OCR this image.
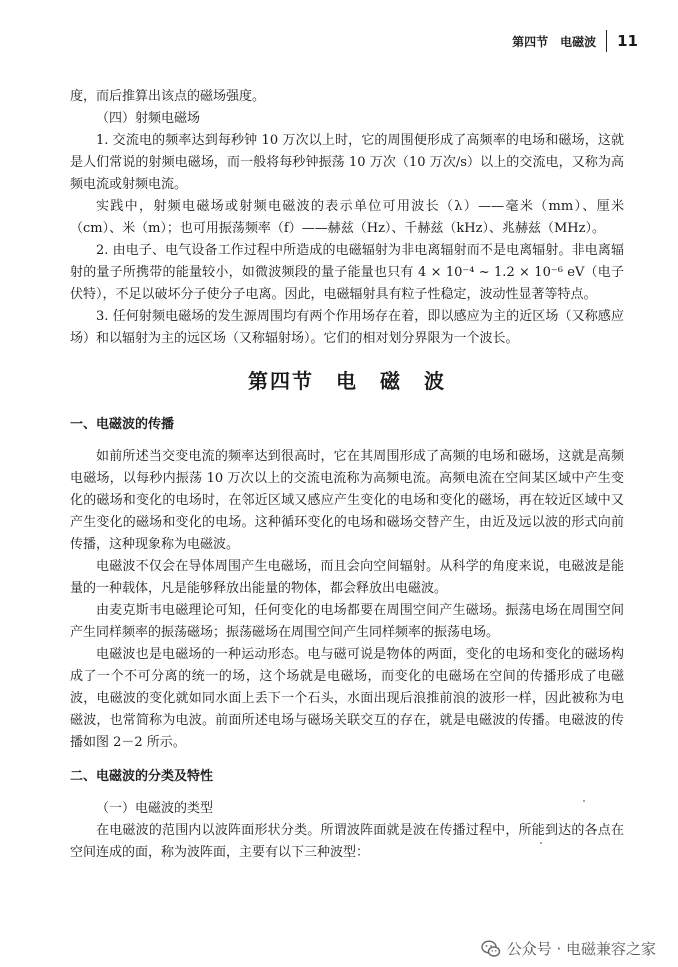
第四节　电磁波 11

度，而后推算出该点的磁场强度。

（四）射频电磁场

1. 交流电的频率达到每秒钟 10 万次以上时，它的周围便形成了高频率的电场和磁场，这就是人们常说的射频电磁场，而一般将每秒钟振荡 10 万次（10 万次/s）以上的交流电，又称为高频电流或射频电流。

实践中，射频电磁场或射频电磁波的表示单位可用波长（λ）——毫米（mm）、厘米（cm）、米（m）；也可用振荡频率（f）——赫兹（Hz）、千赫兹（kHz）、兆赫兹（MHz）。

2. 由电子、电气设备工作过程中所造成的电磁辐射为非电离辐射而不是电离辐射。非电离辐射的量子所携带的能量较小，如微波频段的量子能量也只有 4 × 10⁻⁴ ~ 1.2 × 10⁻⁶ eV（电子伏特），不足以破坏分子使分子电离。因此，电磁辐射具有粒子性稳定，波动性显著等特点。

3. 任何射频电磁场的发生源周围均有两个作用场存在着，即以感应为主的近区场（又称感应场）和以辐射为主的远区场（又称辐射场）。它们的相对划分界限为一个波长。

第四节　电　磁　波
一、电磁波的传播

如前所述当交变电流的频率达到很高时，它在其周围形成了高频的电场和磁场，这就是高频电磁场，以每秒内振荡 10 万次以上的交流电流称为高频电流。高频电流在空间某区域中产生变化的磁场和变化的电场时，在邻近区域又感应产生变化的电场和变化的磁场，再在较近区域中又产生变化的磁场和变化的电场。这种循环变化的电场和磁场交替产生，由近及远以波的形式向前传播，这种现象称为电磁波。

电磁波不仅会在导体周围产生电磁场，而且会向空间辐射。从科学的角度来说，电磁波是能量的一种载体，凡是能够释放出能量的物体，都会释放出电磁波。

由麦克斯韦电磁理论可知，任何变化的电场都要在周围空间产生磁场。振荡电场在周围空间产生同样频率的振荡磁场；振荡磁场在周围空间产生同样频率的振荡电场。

电磁波也是电磁场的一种运动形态。电与磁可说是物体的两面，变化的电场和变化的磁场构成了一个不可分离的统一的场，这个场就是电磁场，而变化的电磁场在空间的传播形成了电磁波，电磁波的变化就如同水面上丢下一个石头，水面出现后浪推前浪的波形一样，因此被称为电磁波，也常简称为电波。前面所述电场与磁场关联交互的存在，就是电磁波的传播。电磁波的传播如图 2－2 所示。

二、电磁波的分类及特性

（一）电磁波的类型

在电磁波的范围内以波阵面形状分类。所谓波阵面就是波在传播过程中，所能到达的各点在空间连成的面，称为波阵面，主要有以下三种波型：

公众号 · 电磁兼容之家
